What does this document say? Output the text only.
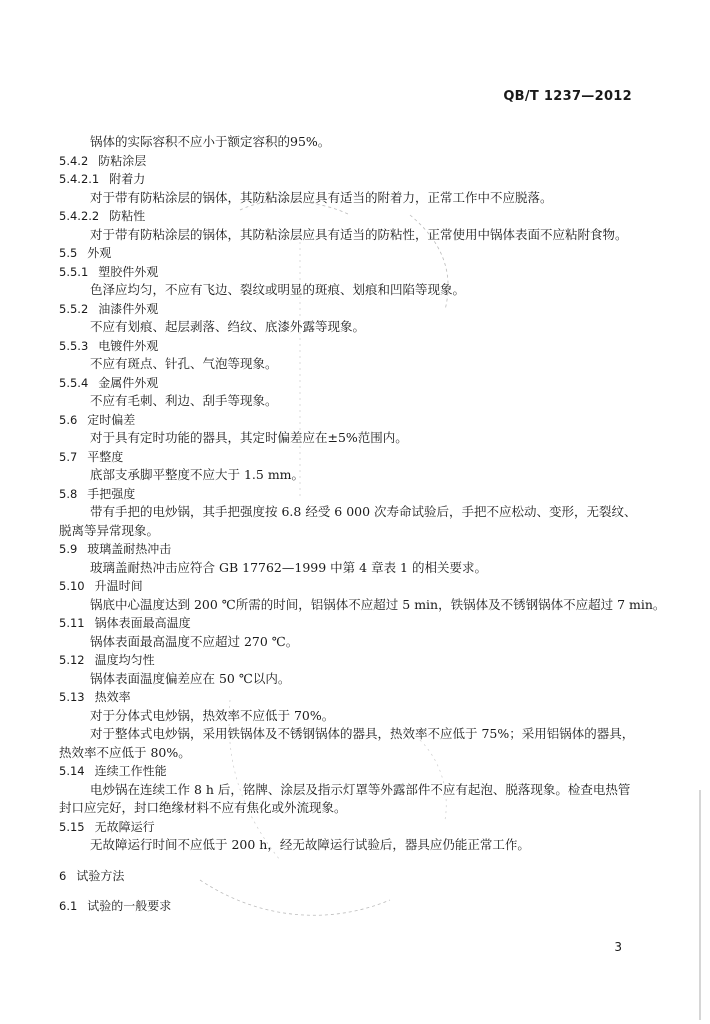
QB/T 1237—2012
锅体的实际容积不应小于额定容积的95%。
5.4.2 防粘涂层
5.4.2.1 附着力
对于带有防粘涂层的锅体，其防粘涂层应具有适当的附着力，正常工作中不应脱落。
5.4.2.2 防粘性
对于带有防粘涂层的锅体，其防粘涂层应具有适当的防粘性，正常使用中锅体表面不应粘附食物。
5.5 外观
5.5.1 塑胶件外观
色泽应均匀，不应有飞边、裂纹或明显的斑痕、划痕和凹陷等现象。
5.5.2 油漆件外观
不应有划痕、起层剥落、绉纹、底漆外露等现象。
5.5.3 电镀件外观
不应有斑点、针孔、气泡等现象。
5.5.4 金属件外观
不应有毛刺、利边、刮手等现象。
5.6 定时偏差
对于具有定时功能的器具，其定时偏差应在±5%范围内。
5.7 平整度
底部支承脚平整度不应大于 1.5 mm。
5.8 手把强度
带有手把的电炒锅，其手把强度按 6.8 经受 6 000 次寿命试验后，手把不应松动、变形，无裂纹、
脱离等异常现象。
5.9 玻璃盖耐热冲击
玻璃盖耐热冲击应符合 GB 17762—1999 中第 4 章表 1 的相关要求。
5.10 升温时间
锅底中心温度达到 200 ℃所需的时间，铝锅体不应超过 5 min，铁锅体及不锈钢锅体不应超过 7 min。
5.11 锅体表面最高温度
锅体表面最高温度不应超过 270 ℃。
5.12 温度均匀性
锅体表面温度偏差应在 50 ℃以内。
5.13 热效率
对于分体式电炒锅，热效率不应低于 70%。
对于整体式电炒锅，采用铁锅体及不锈钢锅体的器具，热效率不应低于 75%；采用铝锅体的器具，
热效率不应低于 80%。
5.14 连续工作性能
电炒锅在连续工作 8 h 后，铭牌、涂层及指示灯罩等外露部件不应有起泡、脱落现象。检查电热管
封口应完好，封口绝缘材料不应有焦化或外流现象。
5.15 无故障运行
无故障运行时间不应低于 200 h，经无故障运行试验后，器具应仍能正常工作。
6 试验方法
6.1 试验的一般要求
3
